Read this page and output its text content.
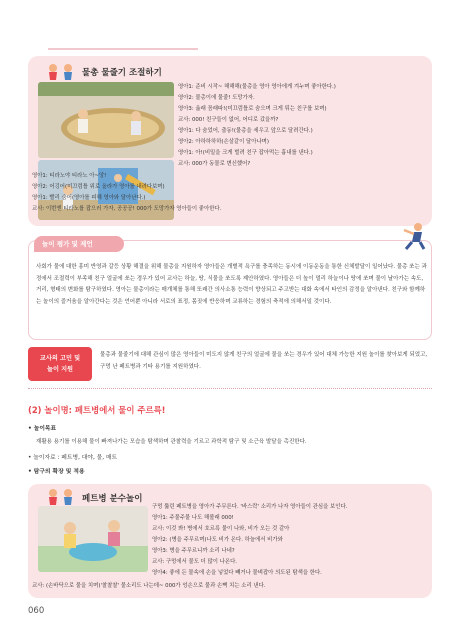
물총 물줄기 조절하기
영아1: 준비 시작~ 해해해(물총을 영아 영아에게 겨누며 좋아한다.)
영아2: 물총이에 물줄! 도망가자.
영아3: 옳래 꼼래따!(미끄럼틀로 숨으며 크게 튀는 친구를 보며)
교사: 000! 친구들이 없어, 어디로 갔을까?
영아1: 다 숨었어, 출동!(물총을 세우고 앞으로 달려간다.)
영아2: 아하하하하(손살같이 달아나며)
영아1: 아!(비밀을 크게 벌려 친구 잡아먹는 흉내를 낸다.)
교사: 000가 동물로 변신했어?
영아1: 티라노야 티라노 아~앙!
영아2: 어깅어(미끄럼틀 위로 올라가 영아를 내려다보며)
영아1: 빨리 숨어(영아를 피해 영아와 달아난다.)
교사: 이번엔 티라노를 잡으러 가자, 공공공! 000가 도망가자 영아들이 좋아한다.
놀이 평가 및 제언
사회가 물에 대한 흥미 반영과 갈등 상황 해결을 위해 물총을 지원하자 영아들은 개별적 욕구를 충족하는 동시에 이동운동을 통한 신체발달이 일어났다. 물총 쏘는 과정에서 조절력이 부족해 친구 얼굴에 쏘는 경우가 있어 교사는 하늘, 땅, 식물을 쏘도록 제안하였다. 영아들은 더 높이 멀리 하늘이나 땅에 쏘며 물이 날아가는 속도, 거리, 형태의 변화를 탐구하였다. 영아는 물총이라는 매개체를 통해 또래간 의사소통 능력이 향상되고 주고받는 대화 속에서 타인의 감정을 알아낸다. 친구와 함께하는 놀이의 즐거움을 알아간다는 것은 언어뿐 아니라 서로의 표정, 몸짓에 반응하며 교류하는 경험의 축적에 의해서일 것이다.
교사의 고민 및
놀이 지원
물총과 물줄기에 대해 관심이 많은 영아들이 미도지 않게 친구의 얼굴에 물을 쏘는 경우가 있어 대체 가능한 지원 놀이를 찾아보게 되었고, 구멍 난 페트병과 기타 용기를 지원하였다.
(2) 놀이명: 페트병에서 물이 주르륵!
• 놀이목표
재활용 용기를 이용해 물이 빠져나가는 모습을 탐색하며 관찰력을 기르고 과학적 탐구 및 소근육 발달을 촉진한다.
• 놀이자료 : 페트병, 대야, 물, 매트
• 탐구의 확장 및 적용
페트병 분수놀이
구멍 뚫린 페트병을 영아가 주무른다. '바스락' 소리가 나자 영아들이 관심을 보인다.
영아1: 주물주물 나도 해볼래 000!
교사: 이것 봐! 병에서 호르륵 물이 나와, 비가 오는 것 같아
영아2: (병을 주무르며)나도 비가 온다. 하늘에서 비가와
영아3: 병을 주무르니까 소리 나네?
교사: 구멍에서 물도 더 많이 나온다.
영아4: 좋에 든 물속에 손을 넣었다 빼거나 물벼잡아 의도된 탐색을 한다.
교사: (손바닥으로 물을 치며)'찰찰찰' 물소리도 나는데~ 000가 엉손으로 물과 손뼉 치는 소리 낸다.
060
